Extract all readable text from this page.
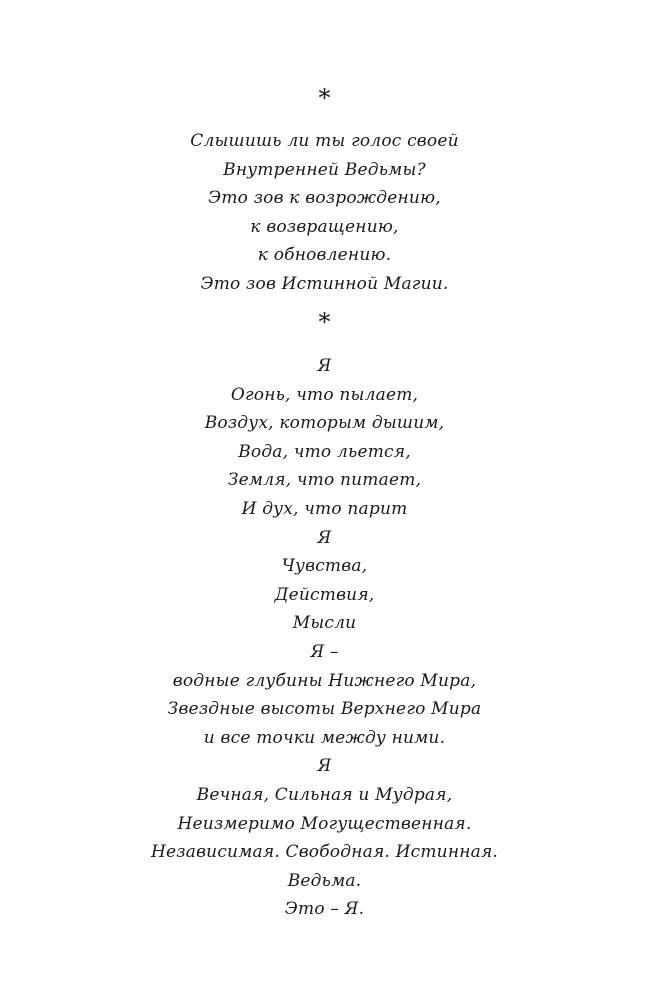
*
Слышишь ли ты голос своей
Внутренней Ведьмы?
Это зов к возрождению,
к возвращению,
к обновлению.
Это зов Истинной Магии.
*
Я
Огонь, что пылает,
Воздух, которым дышим,
Вода, что льется,
Земля, что питает,
И дух, что парит
Я
Чувства,
Действия,
Мысли
Я –
водные глубины Нижнего Мира,
Звездные высоты Верхнего Мира
и все точки между ними.
Я
Вечная, Сильная и Мудрая,
Неизмеримо Могущественная.
Независимая. Свободная. Истинная.
Ведьма.
Это – Я.
